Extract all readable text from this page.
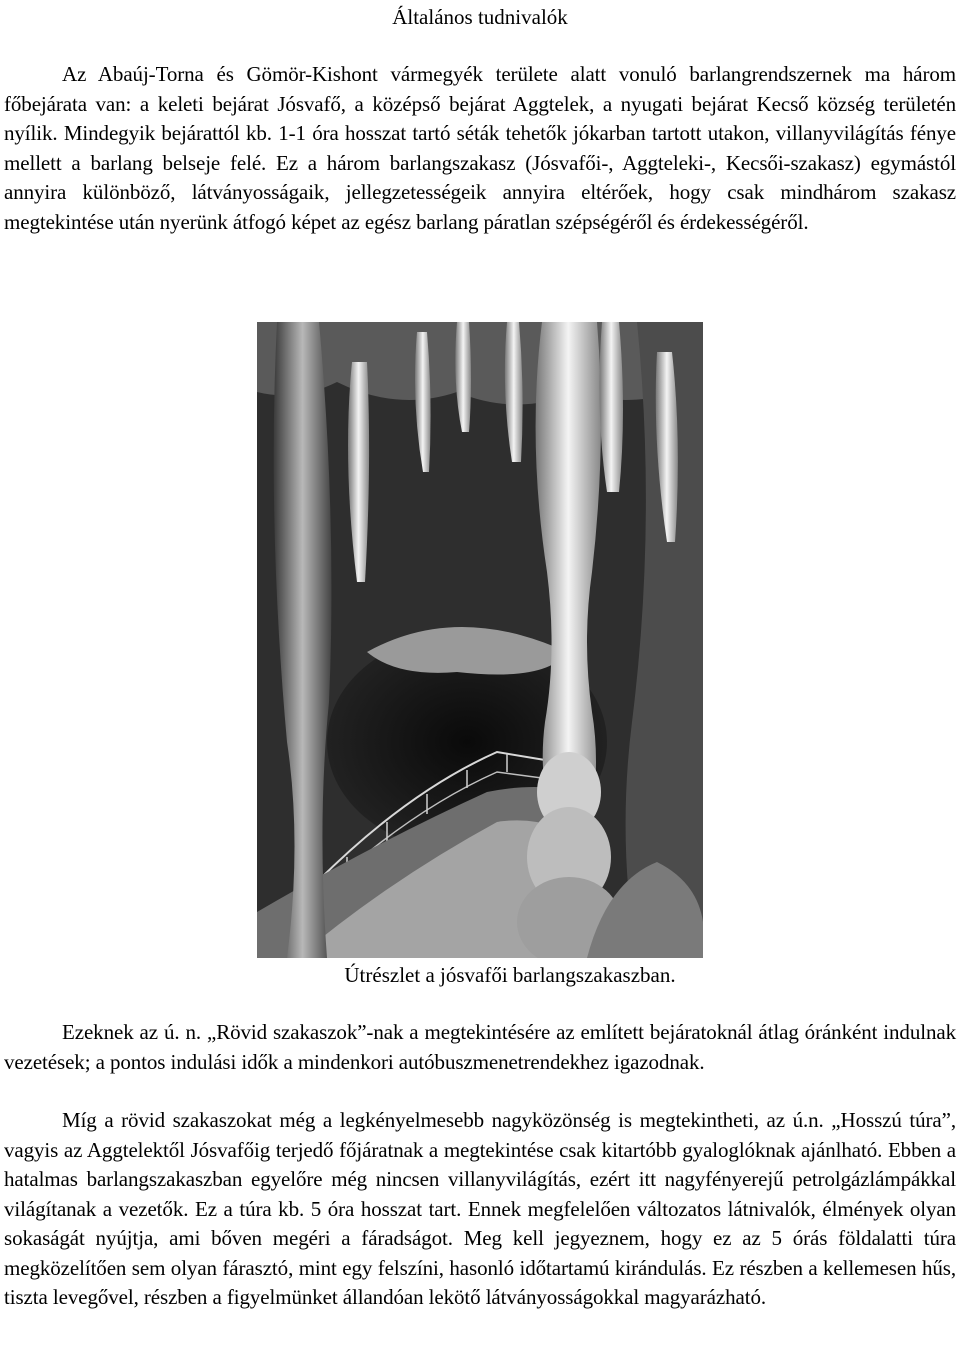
Általános tudnivalók

Az Abaúj-Torna és Gömör-Kishont vármegyék területe alatt vonuló barlangrendszernek ma három főbejárata van: a keleti bejárat Jósvafő, a középső bejárat Aggtelek, a nyugati bejárat Kecső község területén nyílik. Mindegyik bejárattól kb. 1-1 óra hosszat tartó séták tehetők jókarban tartott utakon, villanyvilágítás fénye mellett a barlang belseje felé. Ez a három barlangszakasz (Jósvafői-, Aggteleki-, Kecsői-szakasz) egymástól annyira különböző, látványosságaik, jellegzetességeik annyira eltérőek, hogy csak mindhárom szakasz megtekintése után nyerünk átfogó képet az egész barlang páratlan szépségéről és érdekességéről.

Útrészlet a jósvafői barlangszakaszban.

Ezeknek az ú. n. „Rövid szakaszok”-nak a megtekintésére az említett bejáratoknál átlag óránként indulnak vezetések; a pontos indulási idők a mindenkori autóbuszmenetrendekhez igazodnak.

Míg a rövid szakaszokat még a legkényelmesebb nagyközönség is megtekintheti, az ú.n. „Hosszú túra”, vagyis az Aggtelektől Jósvafőig terjedő főjáratnak a megtekintése csak kitartóbb gyaloglóknak ajánlható. Ebben a hatalmas barlangszakaszban egyelőre még nincsen villanyvilágítás, ezért itt nagyfényerejű petrolgázlámpákkal világítanak a vezetők. Ez a túra kb. 5 óra hosszat tart. Ennek megfelelően változatos látnivalók, élmények olyan sokaságát nyújtja, ami bőven megéri a fáradságot. Meg kell jegyeznem, hogy ez az 5 órás földalatti túra megközelítően sem olyan fárasztó, mint egy felszíni, hasonló időtartamú kirándulás. Ez részben a kellemesen hűs, tiszta levegővel, részben a figyelmünket állandóan lekötő látványosságokkal magyarázható.
